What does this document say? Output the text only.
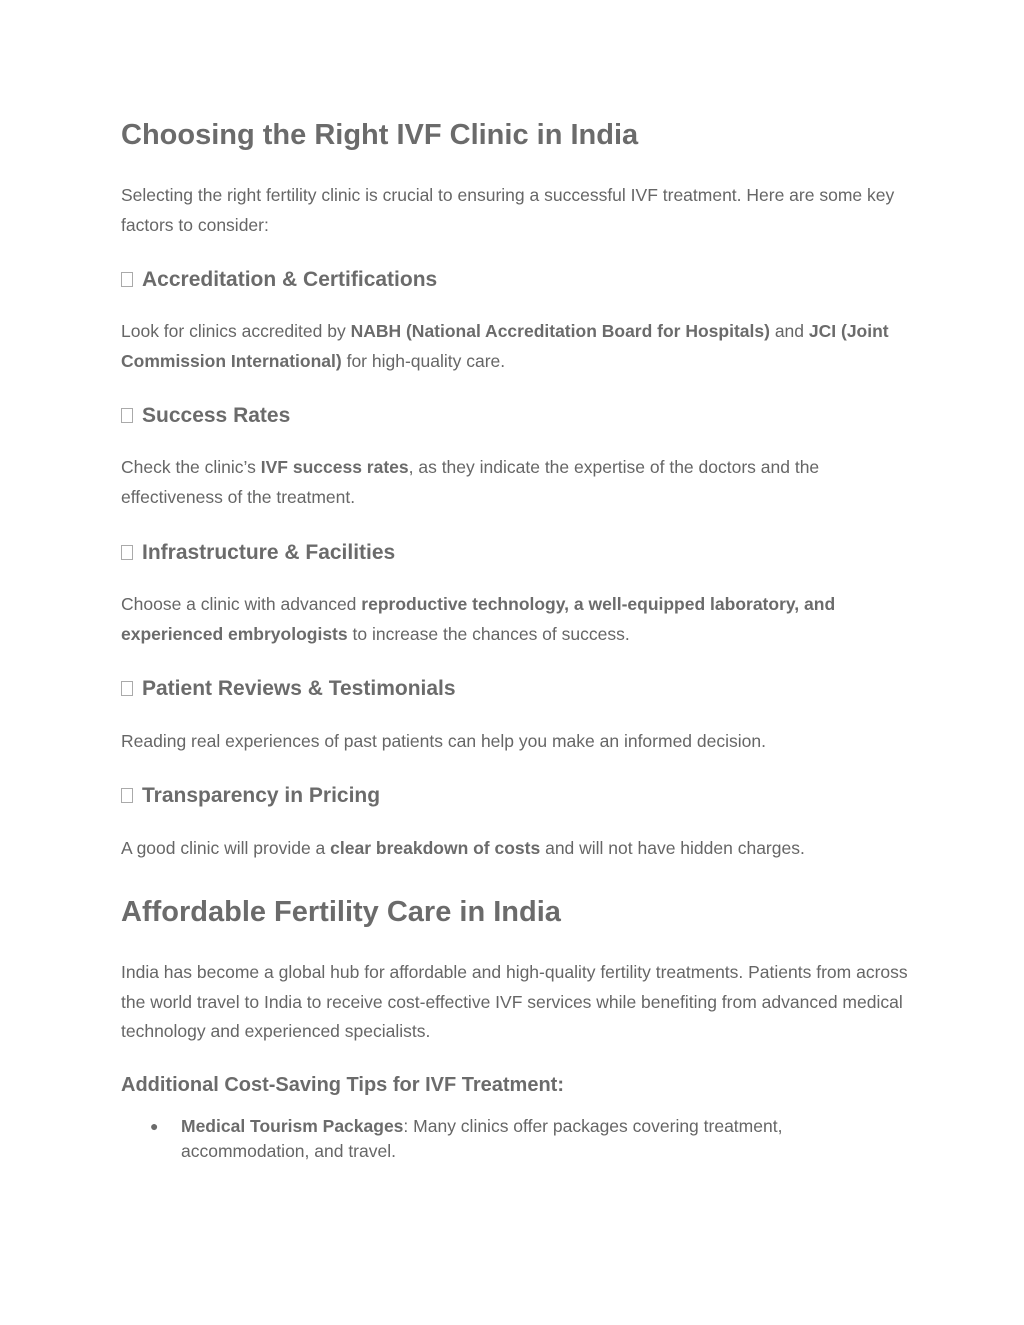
Choosing the Right IVF Clinic in India

Selecting the right fertility clinic is crucial to ensuring a successful IVF treatment. Here are some key factors to consider:

Accreditation & Certifications

Look for clinics accredited by NABH (National Accreditation Board for Hospitals) and JCI (Joint Commission International) for high-quality care.

Success Rates

Check the clinic’s IVF success rates, as they indicate the expertise of the doctors and the effectiveness of the treatment.

Infrastructure & Facilities

Choose a clinic with advanced reproductive technology, a well-equipped laboratory, and experienced embryologists to increase the chances of success.

Patient Reviews & Testimonials

Reading real experiences of past patients can help you make an informed decision.

Transparency in Pricing

A good clinic will provide a clear breakdown of costs and will not have hidden charges.

Affordable Fertility Care in India

India has become a global hub for affordable and high-quality fertility treatments. Patients from across the world travel to India to receive cost-effective IVF services while benefiting from advanced medical technology and experienced specialists.

Additional Cost-Saving Tips for IVF Treatment:
● Medical Tourism Packages: Many clinics offer packages covering treatment, accommodation, and travel.
